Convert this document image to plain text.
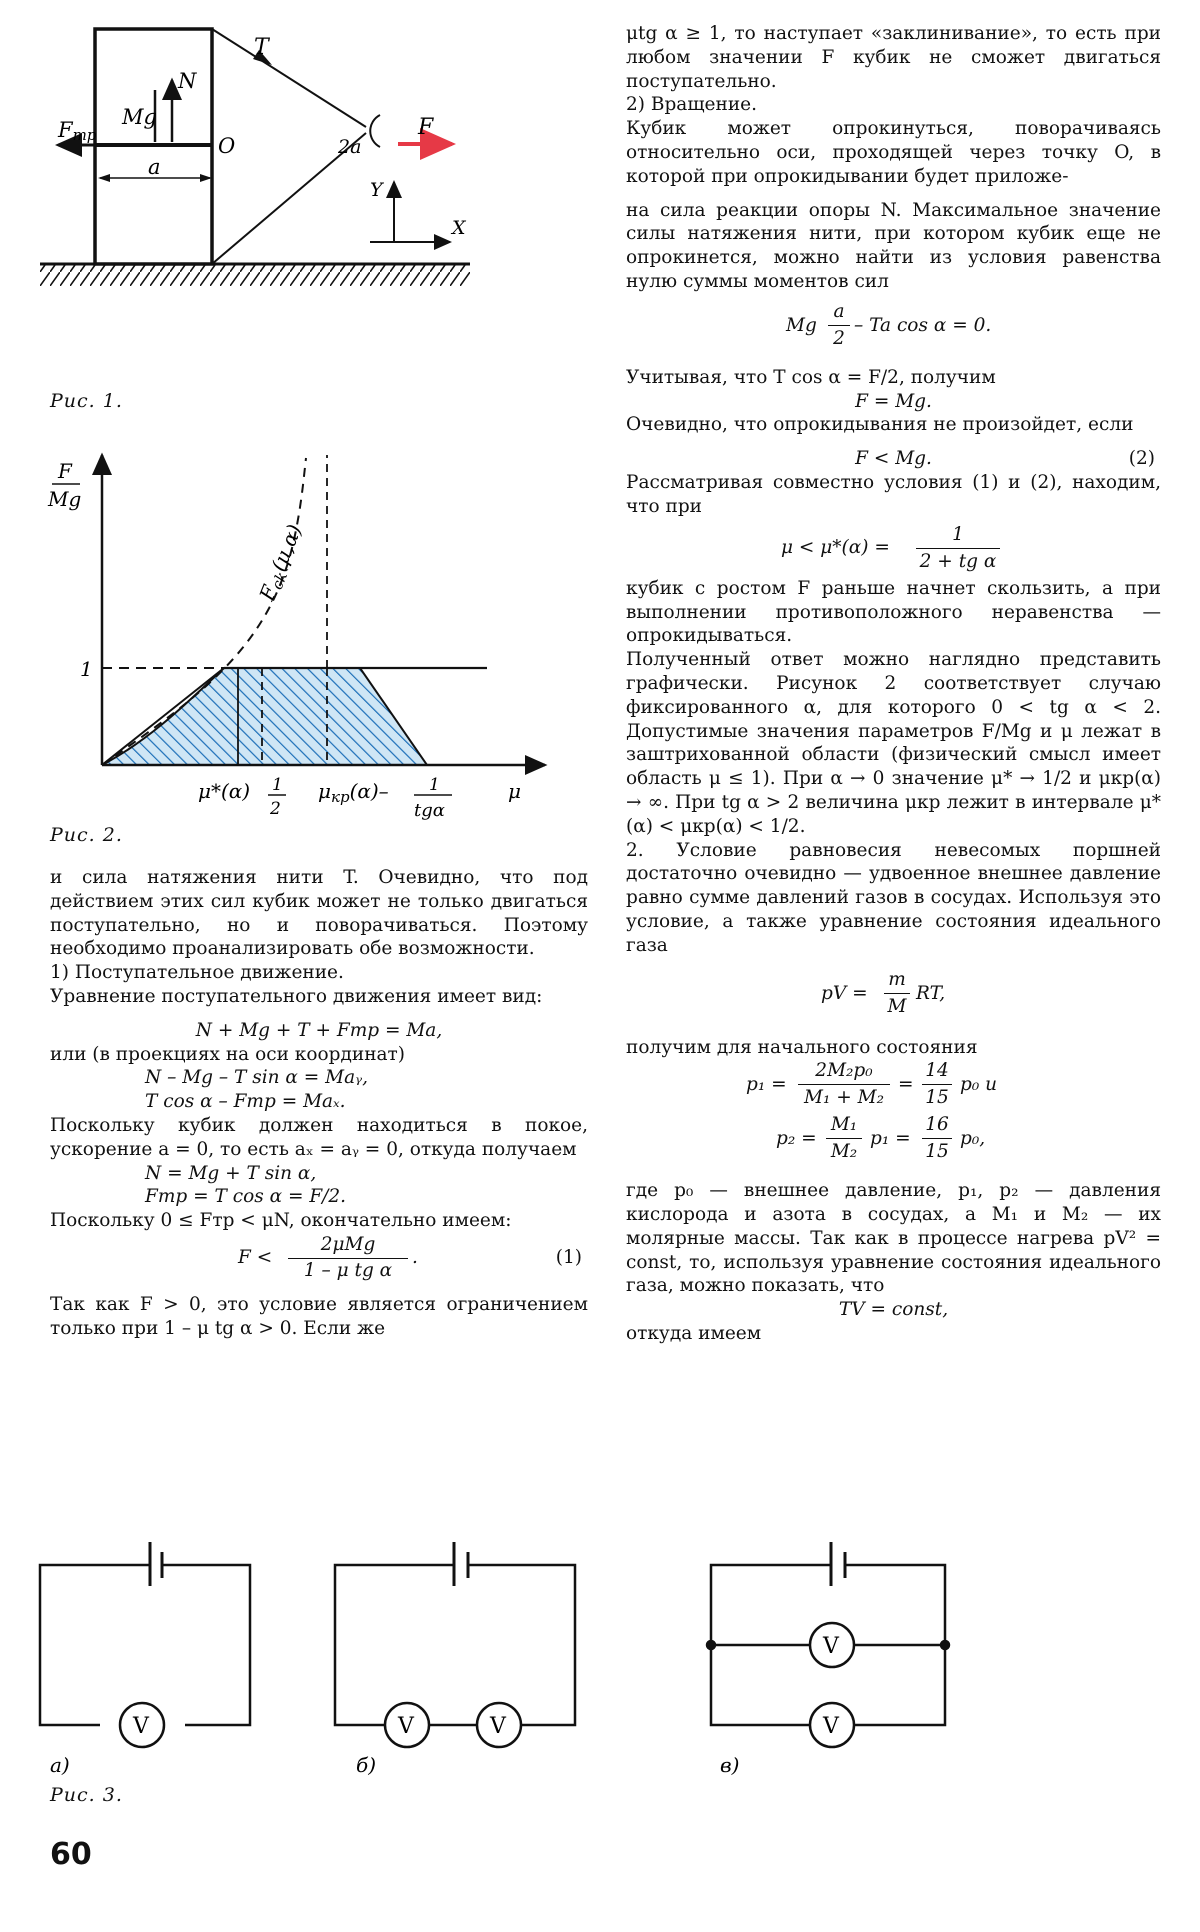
T
N
Mg
Fтр	O
a
2a
F
Y
X
Рис. 1.
F
Mg
$F_{ck}(\mu,\alpha)$
1
μ*(α) 1
2
$\mu_{кр}(\alpha)-$ 1
tgα
μ
Рис. 2.

и сила натяжения нити T. Очевидно, что под действием этих сил кубик может не только двигаться поступательно, но и поворачиваться. Поэтому необходимо проанализировать обе возможности.

1) Поступательное движение.

Уравнение поступательного движения имеет вид:

N + Mg + T + Fтр = Ma,

или (в проекциях на оси координат)

N – Mg – T sin α = Maᵧ,

T cos α – Fтр = Maₓ.

Поскольку кубик должен находиться в покое, ускорение a = 0, то есть aₓ = aᵧ = 0, откуда получаем

N = Mg + T sin α,

Fтр = T cos α = F/2.

Поскольку 0 ≤ Fтр < μN, окончательно имеем:

F <
2μMg
1 – μ tg α
.	(1)

Так как F > 0, это условие является ограничением только при 1 – μ tg α > 0. Если же

μtg α ≥ 1, то наступает «заклинивание», то есть при любом значении F кубик не сможет двигаться поступательно.

2) Вращение.

Кубик может опрокинуться, поворачиваясь относительно оси, проходящей через точку O, в которой при опрокидывании будет приложе-

на сила реакции опоры N. Максимальное значение силы натяжения нити, при котором кубик еще не опрокинется, можно найти из условия равенства нулю суммы моментов сил

Mg
a
2
– Ta cos α = 0.

Учитывая, что T cos α = F/2, получим

F = Mg.

Очевидно, что опрокидывания не произойдет, если

F < Mg.	(2)

Рассматривая совместно условия (1) и (2), находим, что при

μ < μ*(α) =
1
2 + tg α

кубик с ростом F раньше начнет скользить, а при выполнении противоположного неравенства — опрокидываться.

Полученный ответ можно наглядно представить графически. Рисунок 2 соответствует случаю фиксированного α, для которого 0 < tg α < 2. Допустимые значения параметров F/Mg и μ лежат в заштрихованной области (физический смысл имеет область μ ≤ 1). При α → 0 значение μ* → 1/2 и μкр(α) → ∞. При tg α > 2 величина μкр лежит в интервале μ*(α) < μкр(α) < 1/2.

2. Условие равновесия невесомых поршней достаточно очевидно — удвоенное внешнее давление равно сумме давлений газов в сосудах. Используя это условие, а также уравнение состояния идеального газа

pV =
m
M
RT,

получим для начального состояния

p₁ =
2M₂p₀
M₁ + M₂
=
14
15
p₀ и
p₂ =
M₁
M₂
p₁ =
16
15
p₀,

где p₀ — внешнее давление, p₁, p₂ — давления кислорода и азота в сосудах, а M₁ и M₂ — их молярные массы. Так как в процессе нагрева pV² = const, то, используя уравнение состояния идеального газа, можно показать, что

TV = const,

откуда имеем

V	V	V
V
V
а)	б)	в)
Рис. 3.
60
